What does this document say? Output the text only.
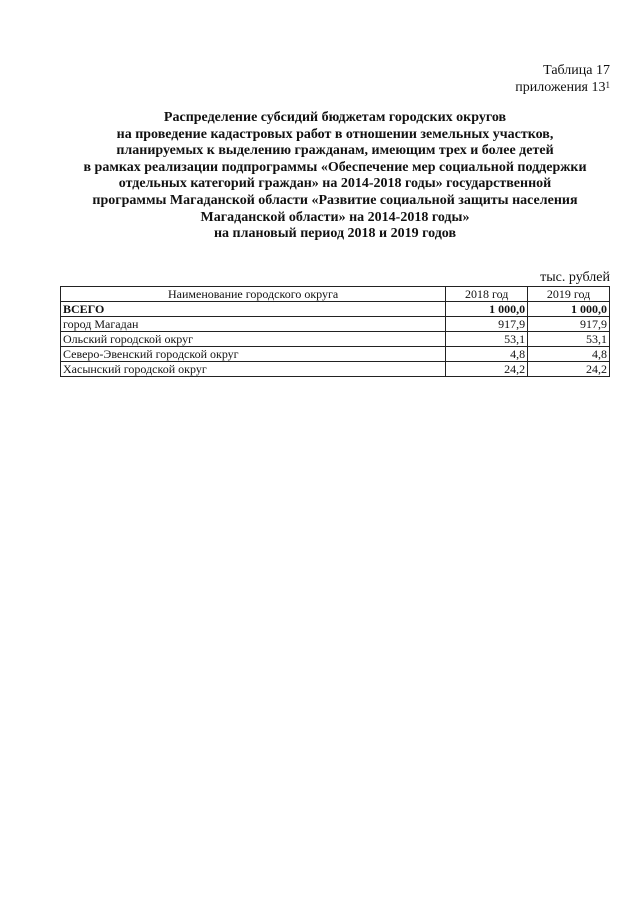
Таблица 17
приложения $13^1$
Распределение субсидий бюджетам городских округов
на проведение кадастровых работ в отношении земельных участков,
планируемых к выделению гражданам, имеющим трех и более детей
в рамках реализации подпрограммы «Обеспечение мер социальной поддержки
отдельных категорий граждан» на 2014-2018 годы» государственной
программы Магаданской области «Развитие социальной защиты населения
Магаданской области» на 2014-2018 годы»
на плановый период 2018 и 2019 годов
тыс. рублей
Наименование городского округа	2018 год	2019 год
ВСЕГО	1 000,0	1 000,0
город Магадан	917,9	917,9
Ольский городской округ	53,1	53,1
Северо-Эвенский городской округ	4,8	4,8
Хасынский городской округ	24,2	24,2
